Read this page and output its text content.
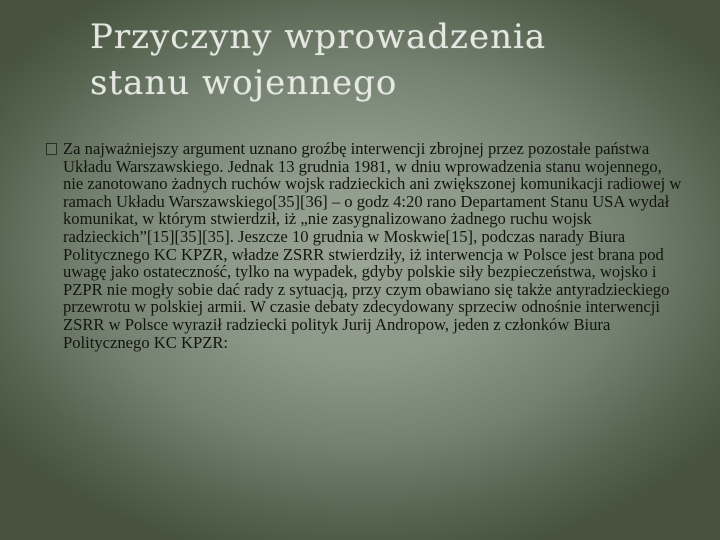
Przyczyny wprowadzenia stanu wojennego

Za najważniejszy argument uznano groźbę interwencji zbrojnej przez pozostałe państwa Układu Warszawskiego. Jednak 13 grudnia 1981, w dniu wprowadzenia stanu wojennego, nie zanotowano żadnych ruchów wojsk radzieckich ani zwiększonej komunikacji radiowej w ramach Układu Warszawskiego[35][36] – o godz 4:20 rano Departament Stanu USA wydał komunikat, w którym stwierdził, iż „nie zasygnalizowano żadnego ruchu wojsk radzieckich”[15][35][35]. Jeszcze 10 grudnia w Moskwie[15], podczas narady Biura Politycznego KC KPZR, władze ZSRR stwierdziły, iż interwencja w Polsce jest brana pod uwagę jako ostateczność, tylko na wypadek, gdyby polskie siły bezpieczeństwa, wojsko i PZPR nie mogły sobie dać rady z sytuacją, przy czym obawiano się także antyradzieckiego przewrotu w polskiej armii. W czasie debaty zdecydowany sprzeciw odnośnie interwencji ZSRR w Polsce wyraził radziecki polityk Jurij Andropow, jeden z członków Biura Politycznego KC KPZR:
